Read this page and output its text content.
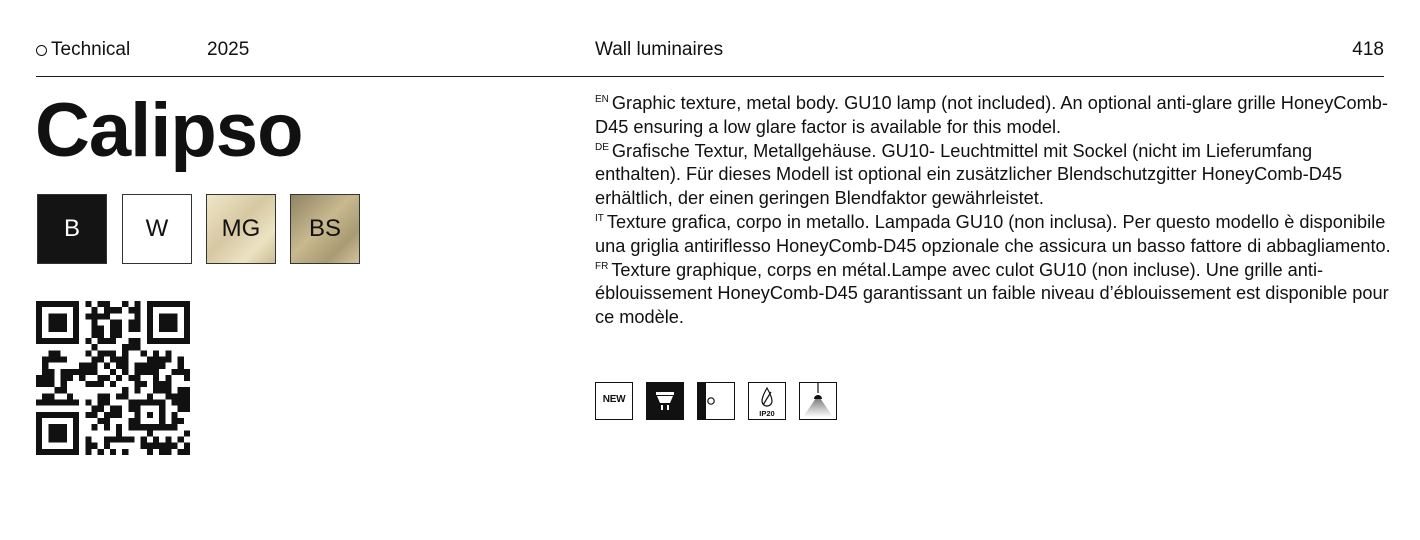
Technical	2025	Wall luminaires	418
Calipso
B	W MG BS

$^{EN}$ Graphic texture, metal body. GU10 lamp (not included). An optional anti-glare grille HoneyComb-D45 ensuring a low glare factor is available for this model.

$^{DE}$ Grafische Textur, Metallgehäuse. GU10- Leuchtmittel mit Sockel (nicht im Lieferumfang enthalten). Für dieses Modell ist optional ein zusätzlicher Blendschutzgitter HoneyComb-D45 erhältlich, der einen geringen Blendfaktor gewährleistet.

$^{IT}$ Texture grafica, corpo in metallo. Lampada GU10 (non inclusa). Per questo modello è disponibile una griglia antiriflesso HoneyComb-D45 opzionale che assicura un basso fattore di abbagliamento.

$^{FR}$ Texture graphique, corps en métal.Lampe avec culot GU10 (non incluse). Une grille anti-éblouissement HoneyComb-D45 garantissant un faible niveau d’éblouissement est disponible pour ce modèle.

NEW
IP20
